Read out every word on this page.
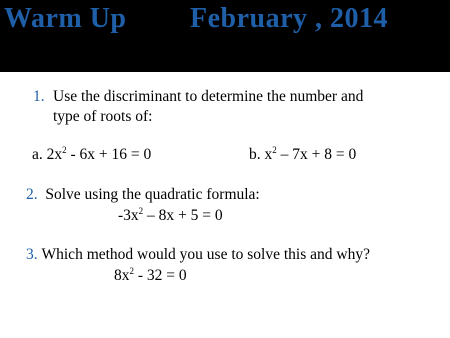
Warm Up February , 2014
1. Use the discriminant to determine the number and
type of roots of:
a. $2x^2 - 6x + 16 = 0$	b. $x^2 - 7x + 8 = 0$
2. Solve using the quadratic formula:
$-3x^2 - 8x + 5 = 0$
3. Which method would you use to solve this and why?
$8x^2 - 32 = 0$
